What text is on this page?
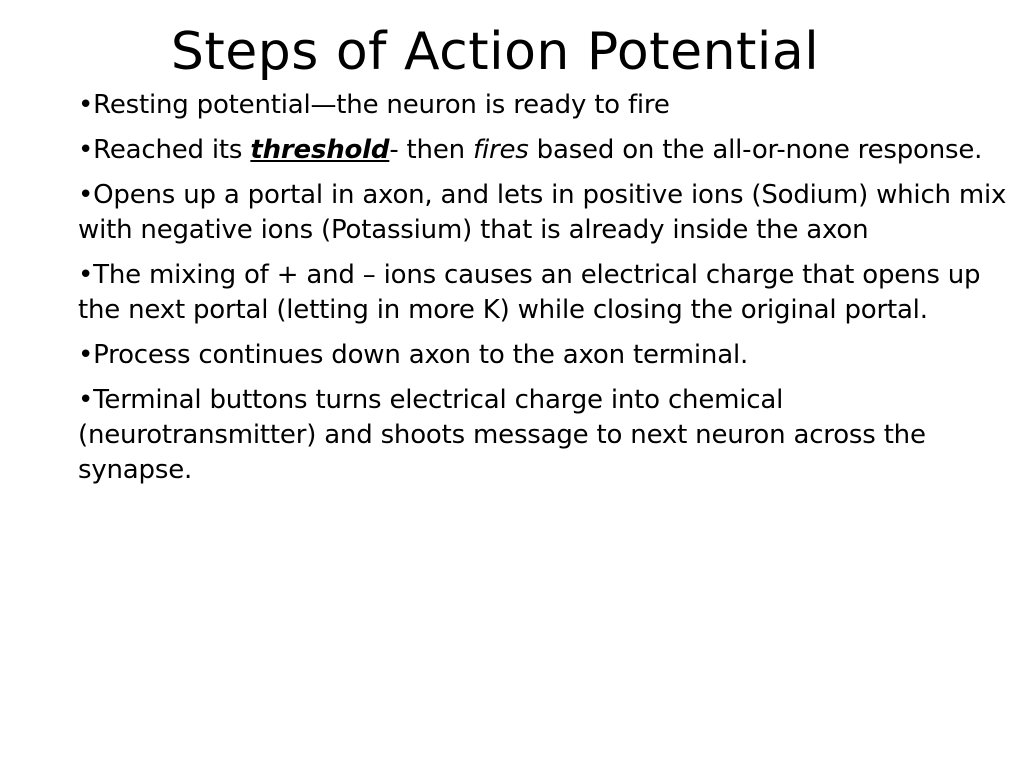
Steps of Action Potential
•Resting potential—the neuron is ready to fire
•Reached its threshold- then fires based on the all-or-none response.
•Opens up a portal in axon, and lets in positive ions (Sodium) which mix with negative ions (Potassium) that is already inside the axon
•The mixing of + and – ions causes an electrical charge that opens up the next portal (letting in more K) while closing the original portal.
•Process continues down axon to the axon terminal.
•Terminal buttons turns electrical charge into chemical (neurotransmitter) and shoots message to next neuron across the synapse.
